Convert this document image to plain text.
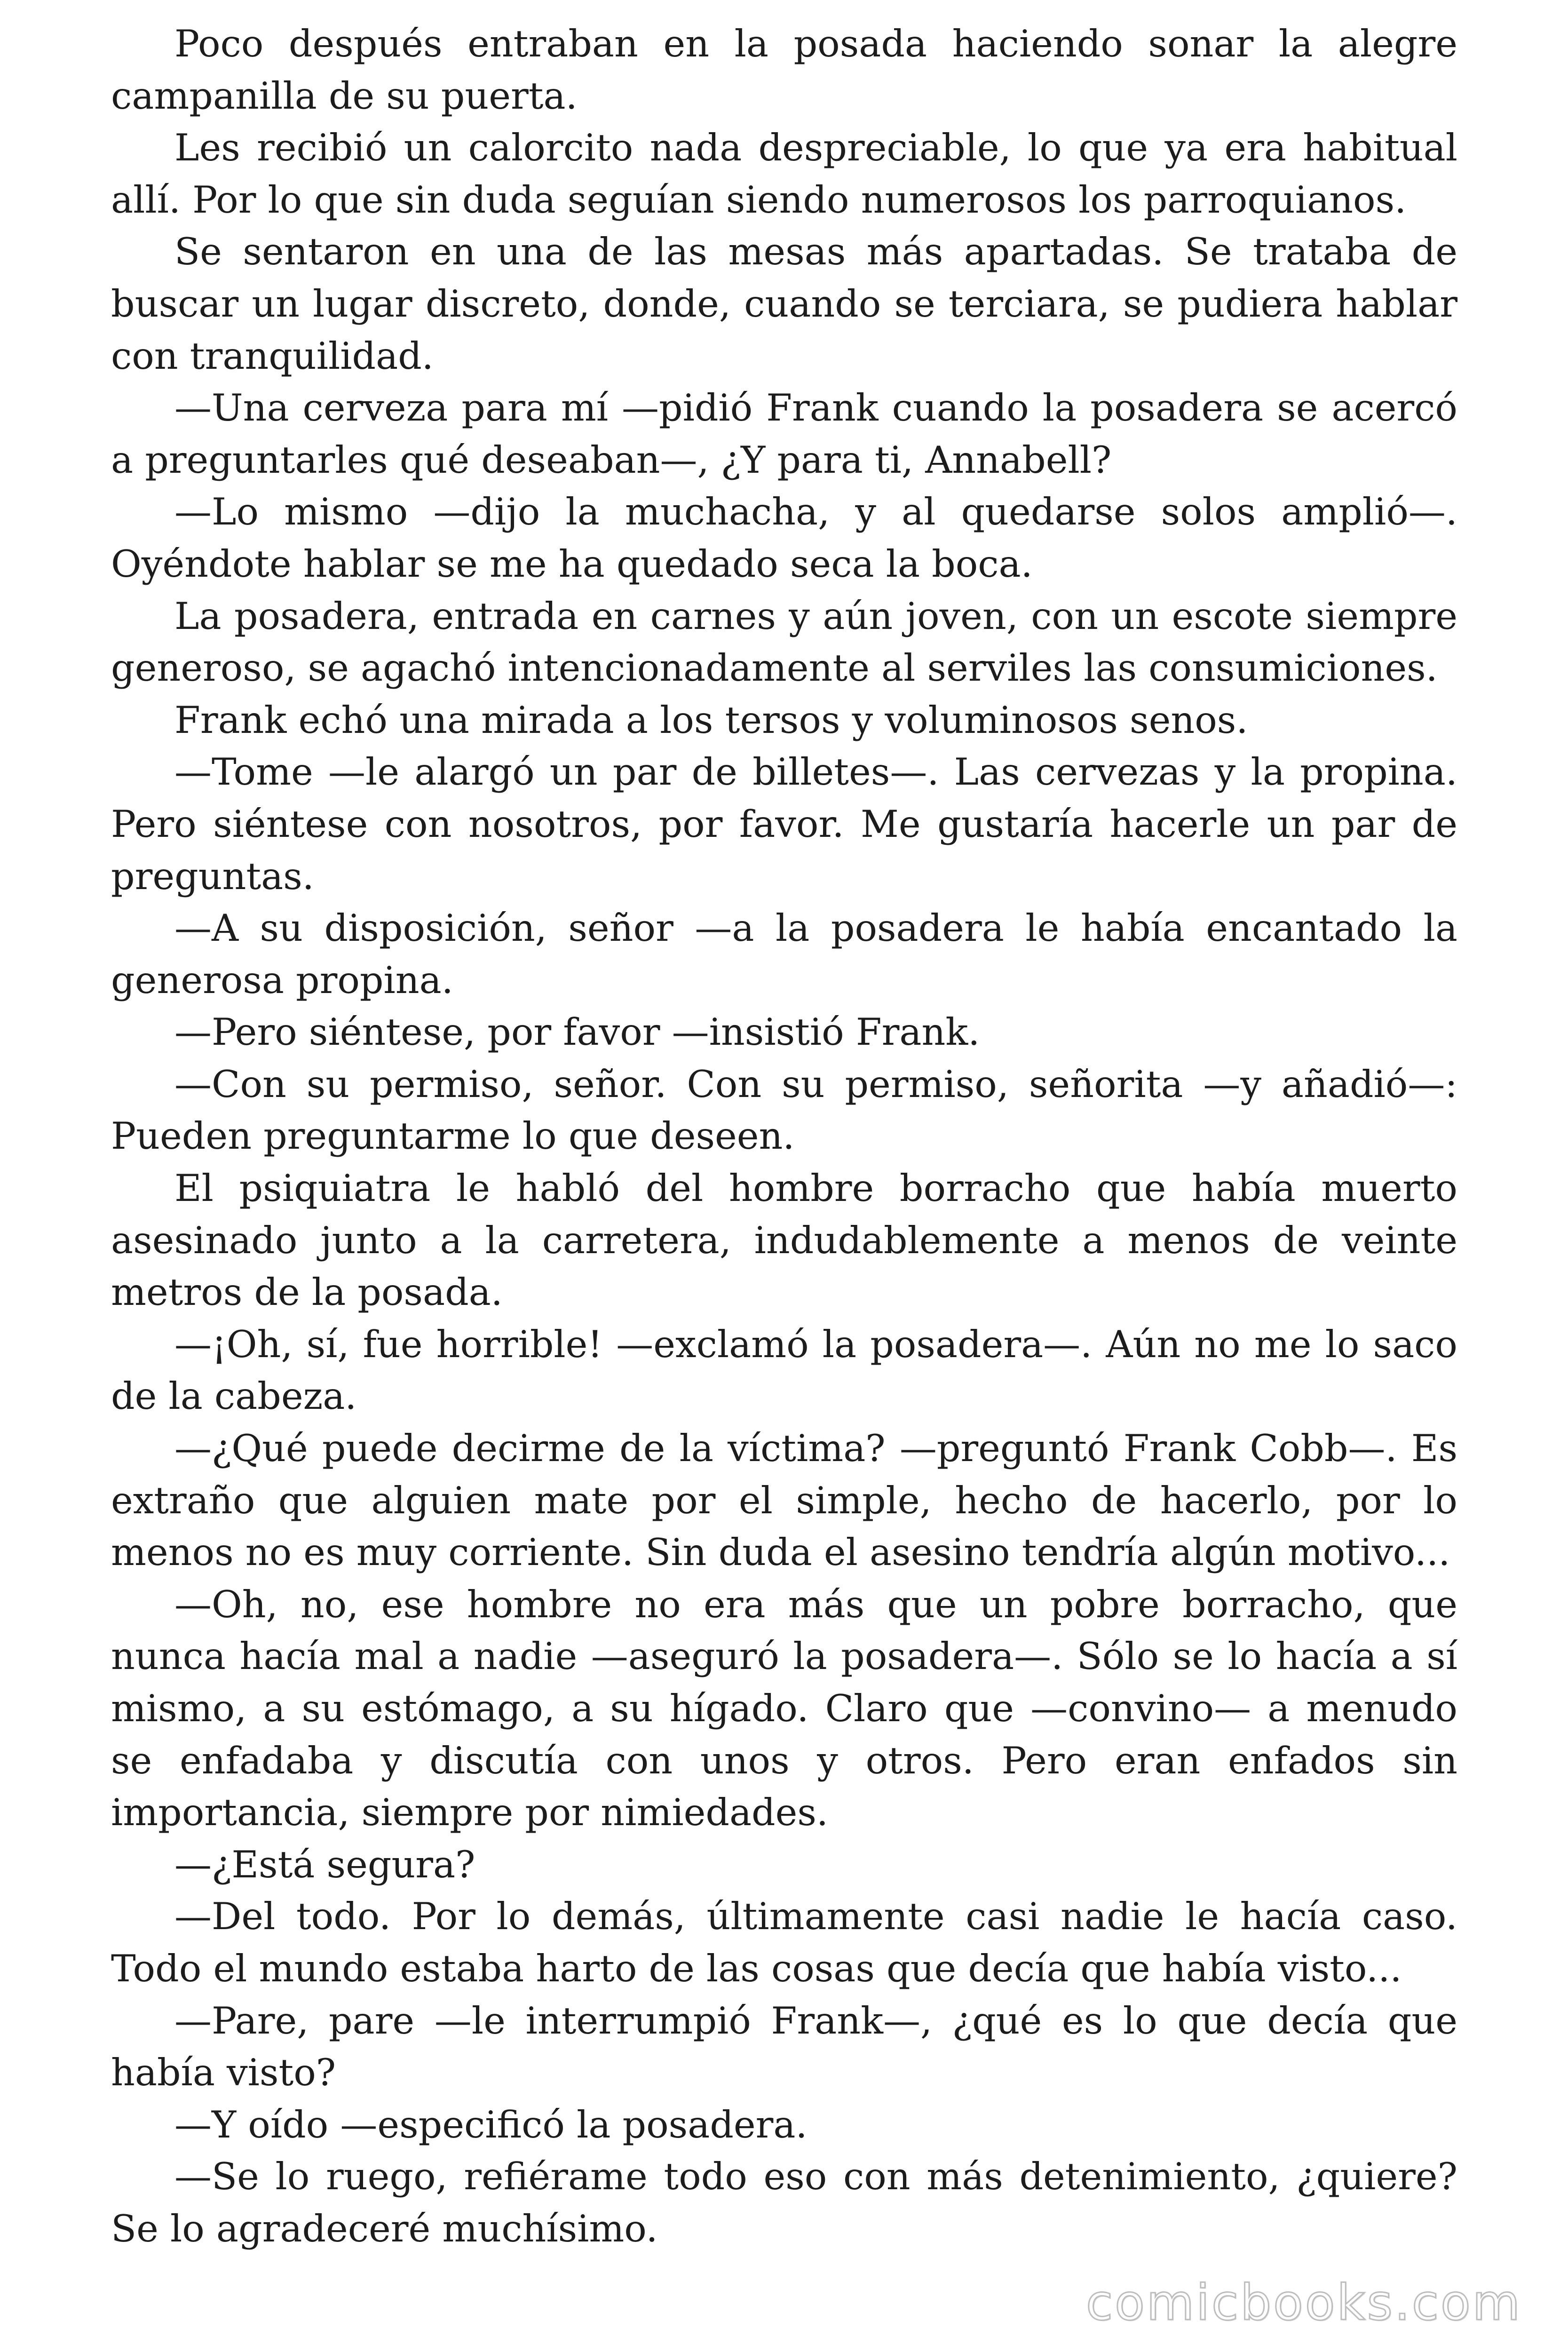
Poco después entraban en la posada haciendo sonar la alegre campanilla de su puerta.

Les recibió un calorcito nada despreciable, lo que ya era habitual allí. Por lo que sin duda seguían siendo numerosos los parroquianos.

Se sentaron en una de las mesas más apartadas. Se trataba de buscar un lugar discreto, donde, cuando se terciara, se pudiera hablar con tranquilidad.

—Una cerveza para mí —pidió Frank cuando la posadera se acercó a preguntarles qué deseaban—, ¿Y para ti, Annabell?

—Lo mismo —dijo la muchacha, y al quedarse solos amplió—. Oyéndote hablar se me ha quedado seca la boca.

La posadera, entrada en carnes y aún joven, con un escote siempre generoso, se agachó intencionadamente al serviles las consumiciones.

Frank echó una mirada a los tersos y voluminosos senos.

—Tome —le alargó un par de billetes—. Las cervezas y la propina. Pero siéntese con nosotros, por favor. Me gustaría hacerle un par de preguntas.

—A su disposición, señor —a la posadera le había encantado la generosa propina.

—Pero siéntese, por favor —insistió Frank.

—Con su permiso, señor. Con su permiso, señorita —y añadió—: Pueden preguntarme lo que deseen.

El psiquiatra le habló del hombre borracho que había muerto asesinado junto a la carretera, indudablemente a menos de veinte metros de la posada.

—¡Oh, sí, fue horrible! —exclamó la posadera—. Aún no me lo saco de la cabeza.

—¿Qué puede decirme de la víctima? —preguntó Frank Cobb—. Es extraño que alguien mate por el simple, hecho de hacerlo, por lo menos no es muy corriente. Sin duda el asesino tendría algún motivo...

—Oh, no, ese hombre no era más que un pobre borracho, que nunca hacía mal a nadie —aseguró la posadera—. Sólo se lo hacía a sí mismo, a su estómago, a su hígado. Claro que —convino— a menudo se enfadaba y discutía con unos y otros. Pero eran enfados sin importancia, siempre por nimiedades.

—¿Está segura?

—Del todo. Por lo demás, últimamente casi nadie le hacía caso. Todo el mundo estaba harto de las cosas que decía que había visto...

—Pare, pare —le interrumpió Frank—, ¿qué es lo que decía que había visto?

—Y oído —especificó la posadera.

—Se lo ruego, refiérame todo eso con más detenimiento, ¿quiere? Se lo agradeceré muchísimo.

comicbooks.com
